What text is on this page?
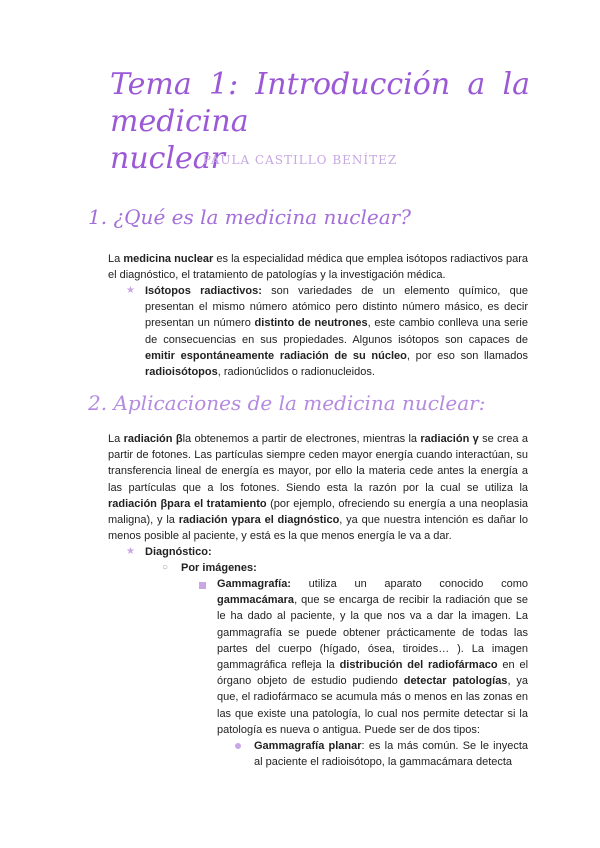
Tema 1: Introducción a la medicina
nuclear
PAULA CASTILLO BENÍTEZ
1. ¿Qué es la medicina nuclear?

La medicina nuclear es la especialidad médica que emplea isótopos radiactivos para el diagnóstico, el tratamiento de patologías y la investigación médica.

★ Isótopos radiactivos: son variedades de un elemento químico, que presentan el mismo número atómico pero distinto número másico, es decir presentan un número distinto de neutrones, este cambio conlleva una serie de consecuencias en sus propiedades. Algunos isótopos son capaces de emitir espontáneamente radiación de su núcleo, por eso son llamados radioisótopos, radionúclidos o radionucleidos.

2. Aplicaciones de la medicina nuclear:

La radiación βla obtenemos a partir de electrones, mientras la radiación γ se crea a partir de fotones. Las partículas siempre ceden mayor energía cuando interactúan, su transferencia lineal de energía es mayor, por ello la materia cede antes la energía a las partículas que a los fotones. Siendo esta la razón por la cual se utiliza la radiación βpara el tratamiento (por ejemplo, ofreciendo su energía a una neoplasia maligna), y la radiación γpara el diagnóstico, ya que nuestra intención es dañar lo menos posible al paciente, y está es la que menos energía le va a dar.

★ Diagnóstico:

○ Por imágenes:

Gammagrafía: utiliza un aparato conocido como gammacámara, que se encarga de recibir la radiación que se le ha dado al paciente, y la que nos va a dar la imagen. La gammagrafía se puede obtener prácticamente de todas las partes del cuerpo (hígado, ósea, tiroides… ). La imagen gammagráfica refleja la distribución del radiofármaco en el órgano objeto de estudio pudiendo detectar patologías, ya que, el radiofármaco se acumula más o menos en las zonas en las que existe una patología, lo cual nos permite detectar si la patología es nueva o antigua. Puede ser de dos tipos:

Gammagrafía planar: es la más común. Se le inyecta al paciente el radioisótopo, la gammacámara detecta
